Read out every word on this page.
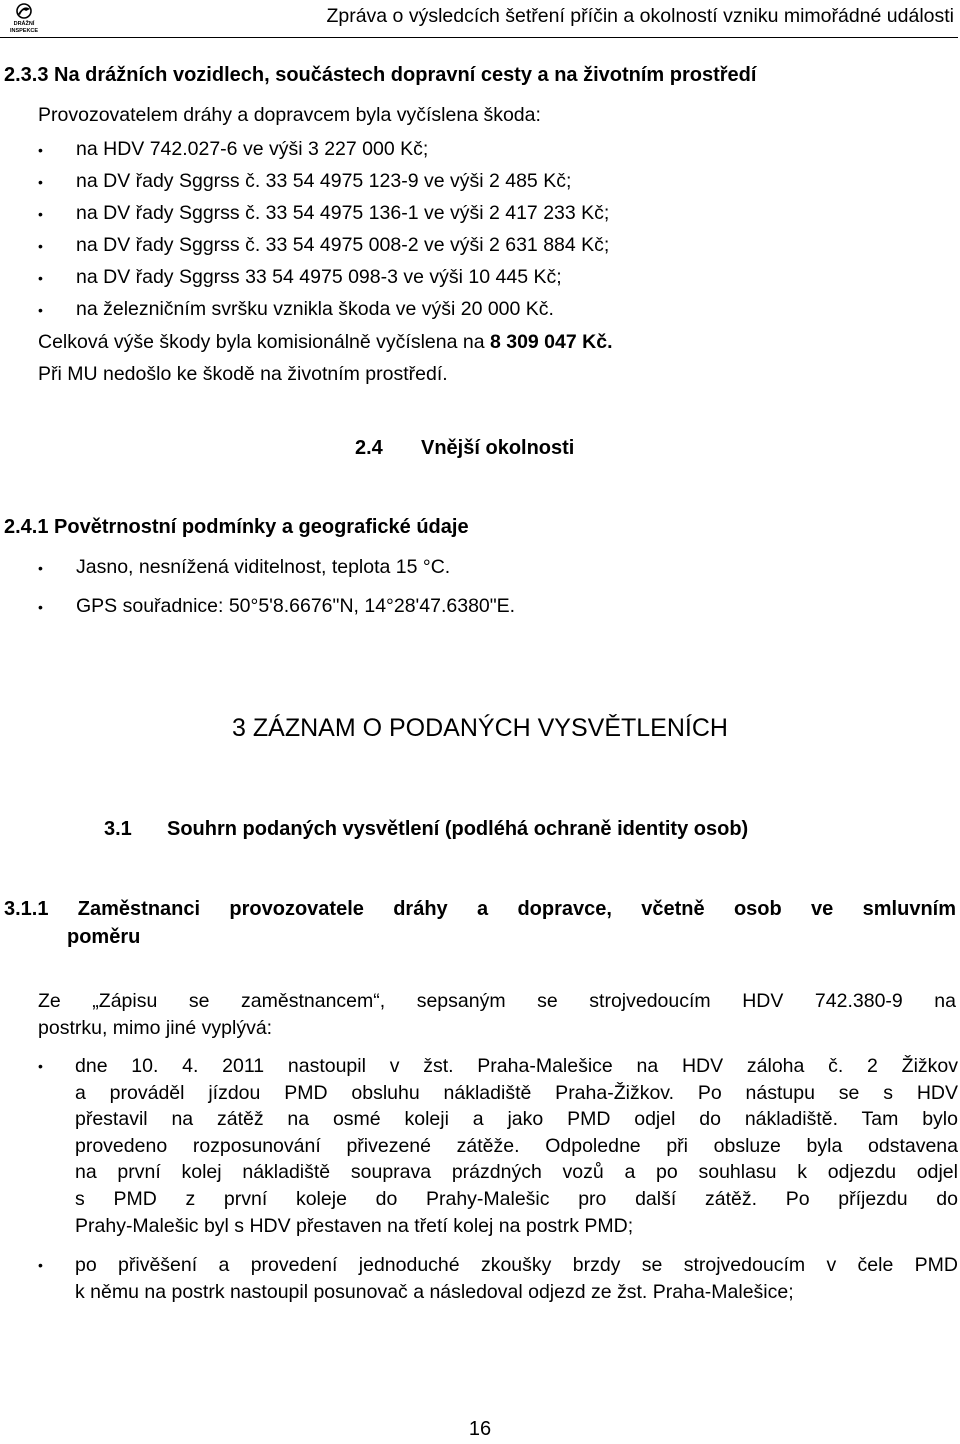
DRÁŽNÍ
INSPEKCE
Zpráva o výsledcích šetření příčin a okolností vzniku mimořádné události
2.3.3 Na drážních vozidlech, součástech dopravní cesty a na životním prostředí
Provozovatelem dráhy a dopravcem byla vyčíslena škoda:
• na HDV 742.027-6 ve výši 3 227 000 Kč;
• na DV řady Sggrss č. 33 54 4975 123-9 ve výši 2 485 Kč;
• na DV řady Sggrss č. 33 54 4975 136-1 ve výši 2 417 233 Kč;
• na DV řady Sggrss č. 33 54 4975 008-2 ve výši 2 631 884 Kč;
• na DV řady Sggrss 33 54 4975 098-3 ve výši 10 445 Kč;
• na železničním svršku vznikla škoda ve výši 20 000 Kč.
Celková výše škody byla komisionálně vyčíslena na 8 309 047 Kč.
Při MU nedošlo ke škodě na životním prostředí.
2.4 Vnější okolnosti
2.4.1 Povětrnostní podmínky a geografické údaje
• Jasno, nesnížená viditelnost, teplota 15 °C.
• GPS souřadnice: 50°5'8.6676"N, 14°28'47.6380"E.
3 ZÁZNAM O PODANÝCH VYSVĚTLENÍCH
3.1 Souhrn podaných vysvětlení (podléhá ochraně identity osob)
3.1.1 Zaměstnanci provozovatele dráhy a dopravce, včetně osob ve smluvním
poměru
Ze „Zápisu se zaměstnancem“, sepsaným se strojvedoucím HDV 742.380-9 na
postrku, mimo jiné vyplývá:
• dne 10. 4. 2011 nastoupil v žst. Praha-Malešice na HDV záloha č. 2 Žižkov
a prováděl jízdou PMD obsluhu nákladiště Praha-Žižkov. Po nástupu se s HDV
přestavil na zátěž na osmé koleji a jako PMD odjel do nákladiště. Tam bylo
provedeno rozposunování přivezené zátěže. Odpoledne při obsluze byla odstavena
na první kolej nákladiště souprava prázdných vozů a po souhlasu k odjezdu odjel
s PMD z první koleje do Prahy-Malešic pro další zátěž. Po příjezdu do
Prahy-Malešic byl s HDV přestaven na třetí kolej na postrk PMD;
• po přivěšení a provedení jednoduché zkoušky brzdy se strojvedoucím v čele PMD
k němu na postrk nastoupil posunovač a následoval odjezd ze žst. Praha-Malešice;
16
